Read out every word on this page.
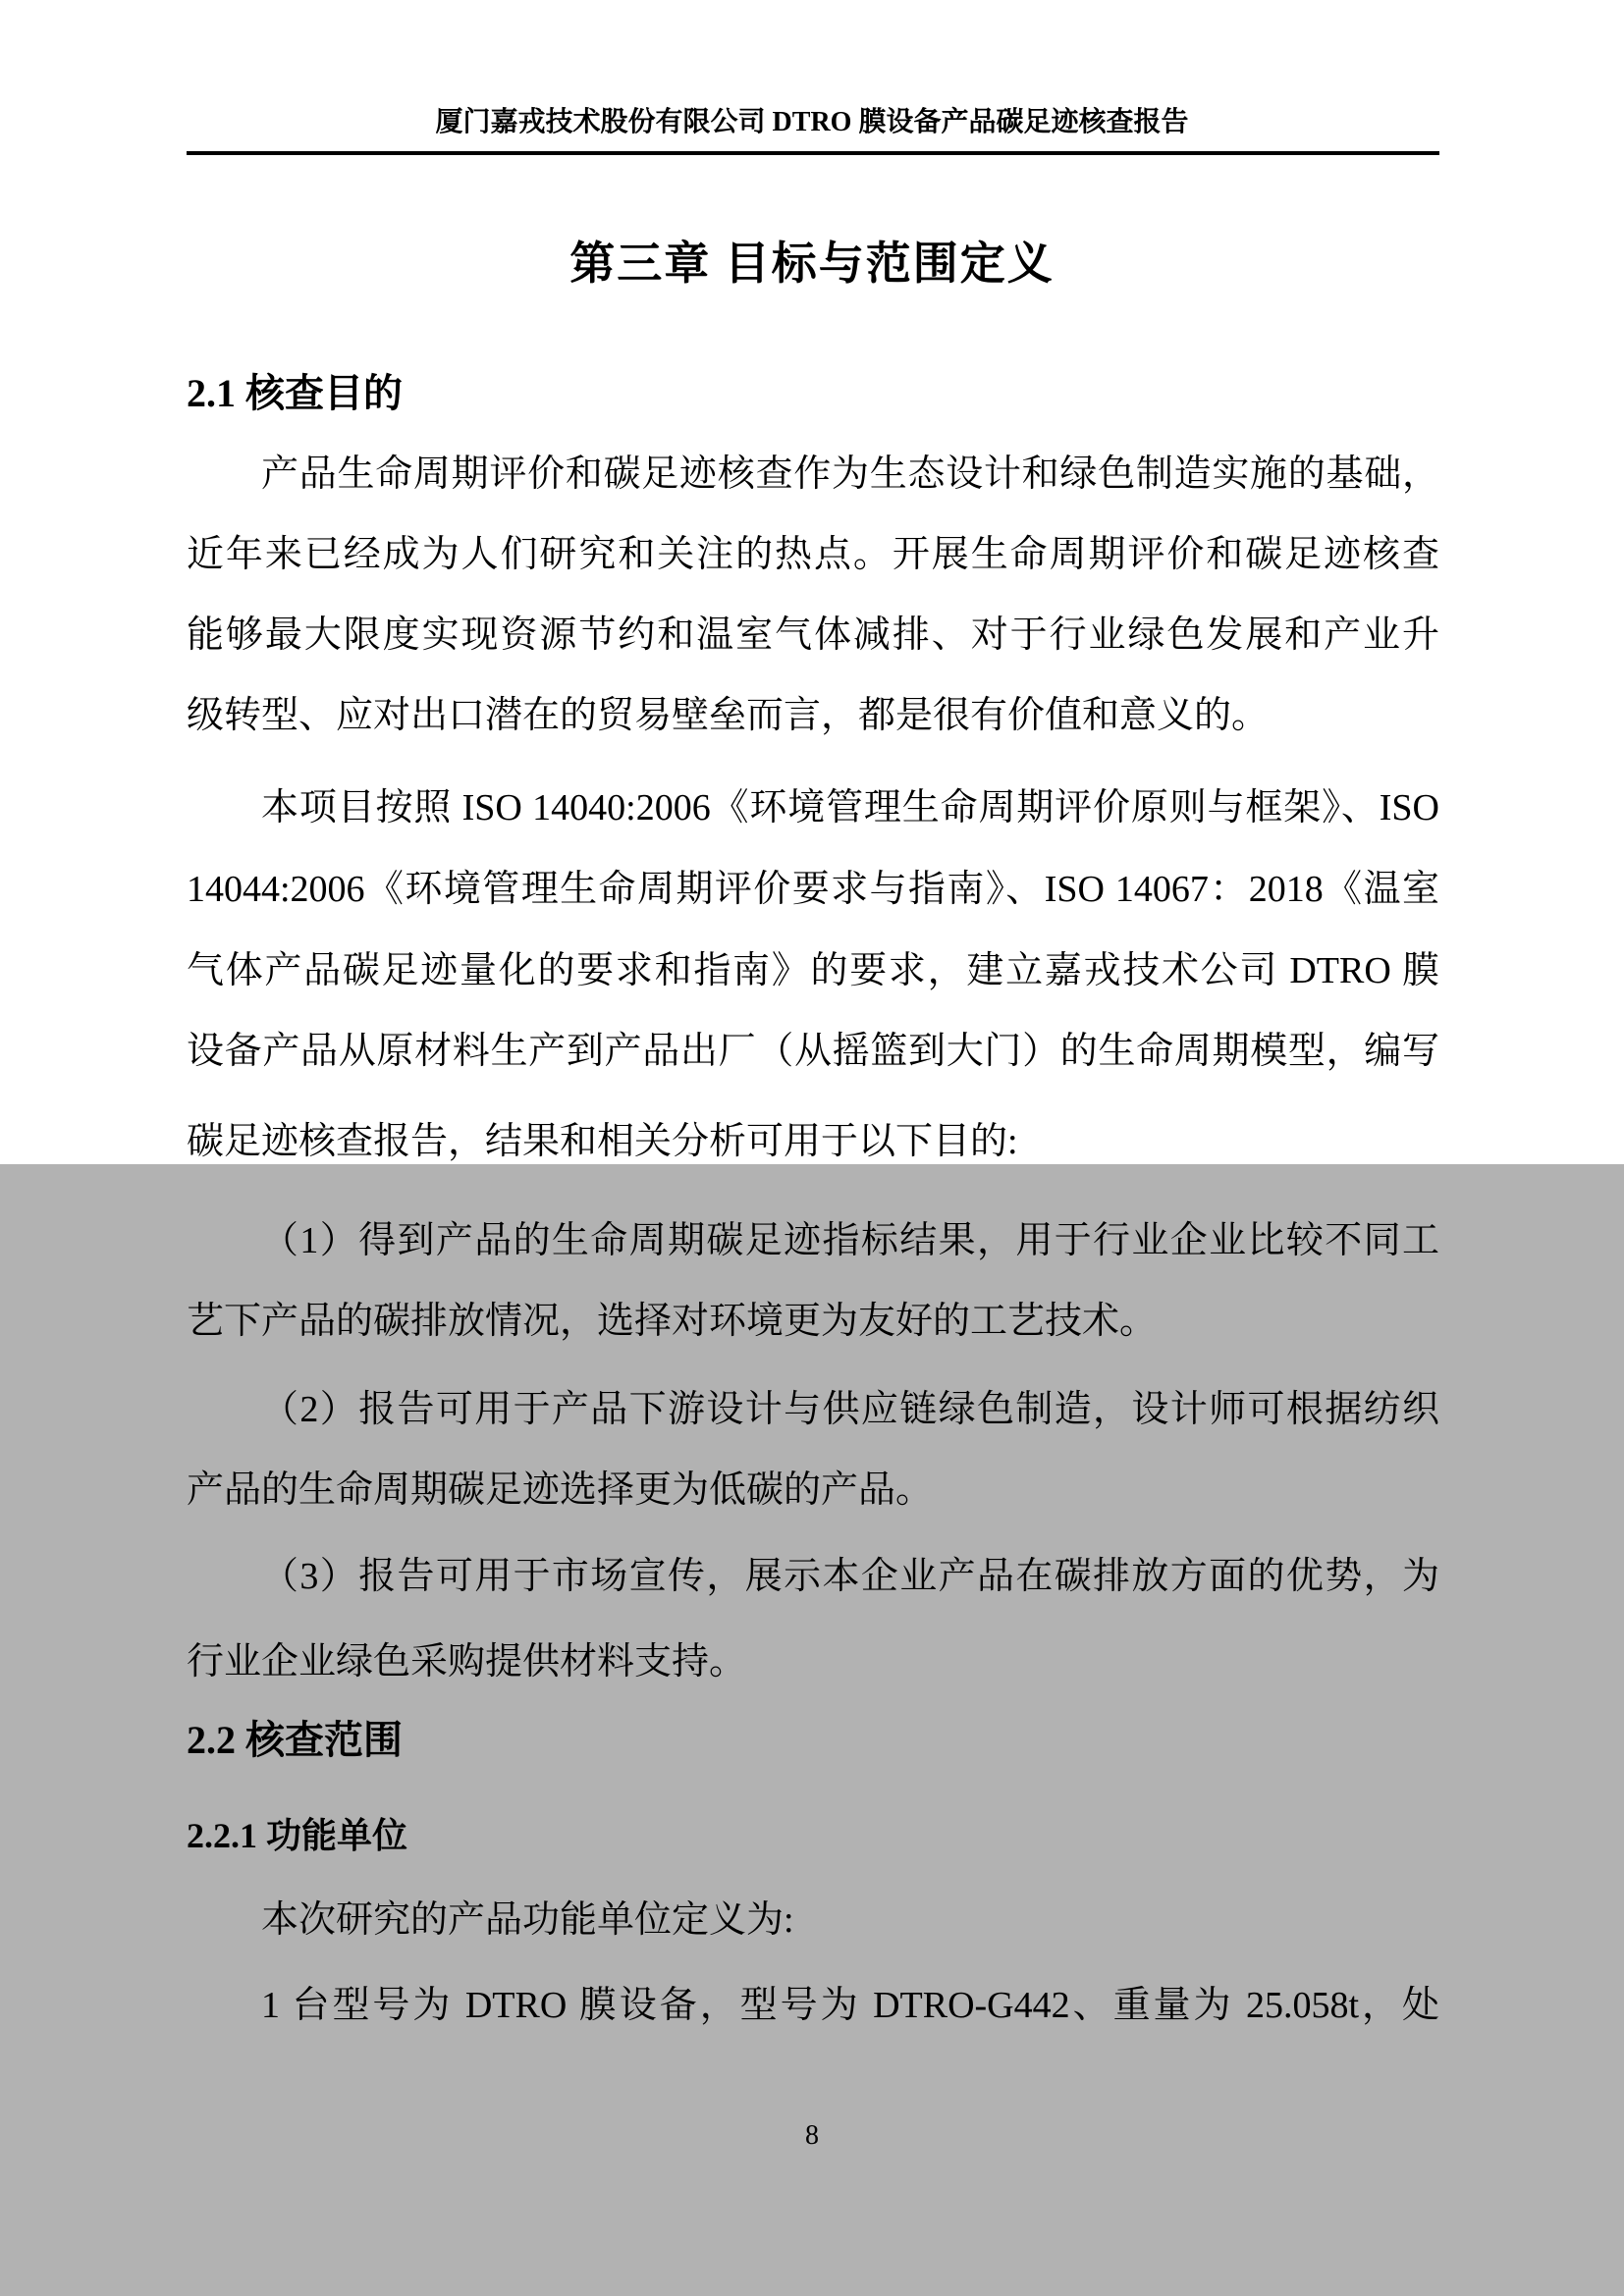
厦门嘉戎技术股份有限公司 DTRO 膜设备产品碳足迹核查报告
第三章 目标与范围定义
2.1 核查目的
产品生命周期评价和碳足迹核查作为生态设计和绿色制造实施的基础，
近年来已经成为人们研究和关注的热点。开展生命周期评价和碳足迹核查
能够最大限度实现资源节约和温室气体减排、对于行业绿色发展和产业升
级转型、应对出口潜在的贸易壁垒而言，都是很有价值和意义的。
本项目按照 ISO 14040:2006《环境管理生命周期评价原则与框架》、ISO
14044:2006《环境管理生命周期评价要求与指南》、ISO 14067：2018《温室
气体产品碳足迹量化的要求和指南》的要求，建立嘉戎技术公司 DTRO 膜
设备产品从原材料生产到产品出厂（从摇篮到大门）的生命周期模型，编写
碳足迹核查报告，结果和相关分析可用于以下目的:
（1）得到产品的生命周期碳足迹指标结果，用于行业企业比较不同工
艺下产品的碳排放情况，选择对环境更为友好的工艺技术。
（2）报告可用于产品下游设计与供应链绿色制造，设计师可根据纺织
产品的生命周期碳足迹选择更为低碳的产品。
（3）报告可用于市场宣传，展示本企业产品在碳排放方面的优势，为
行业企业绿色采购提供材料支持。
2.2 核查范围
2.2.1 功能单位
本次研究的产品功能单位定义为:
1 台型号为 DTRO 膜设备，型号为 DTRO-G442、重量为 25.058t，处
8
